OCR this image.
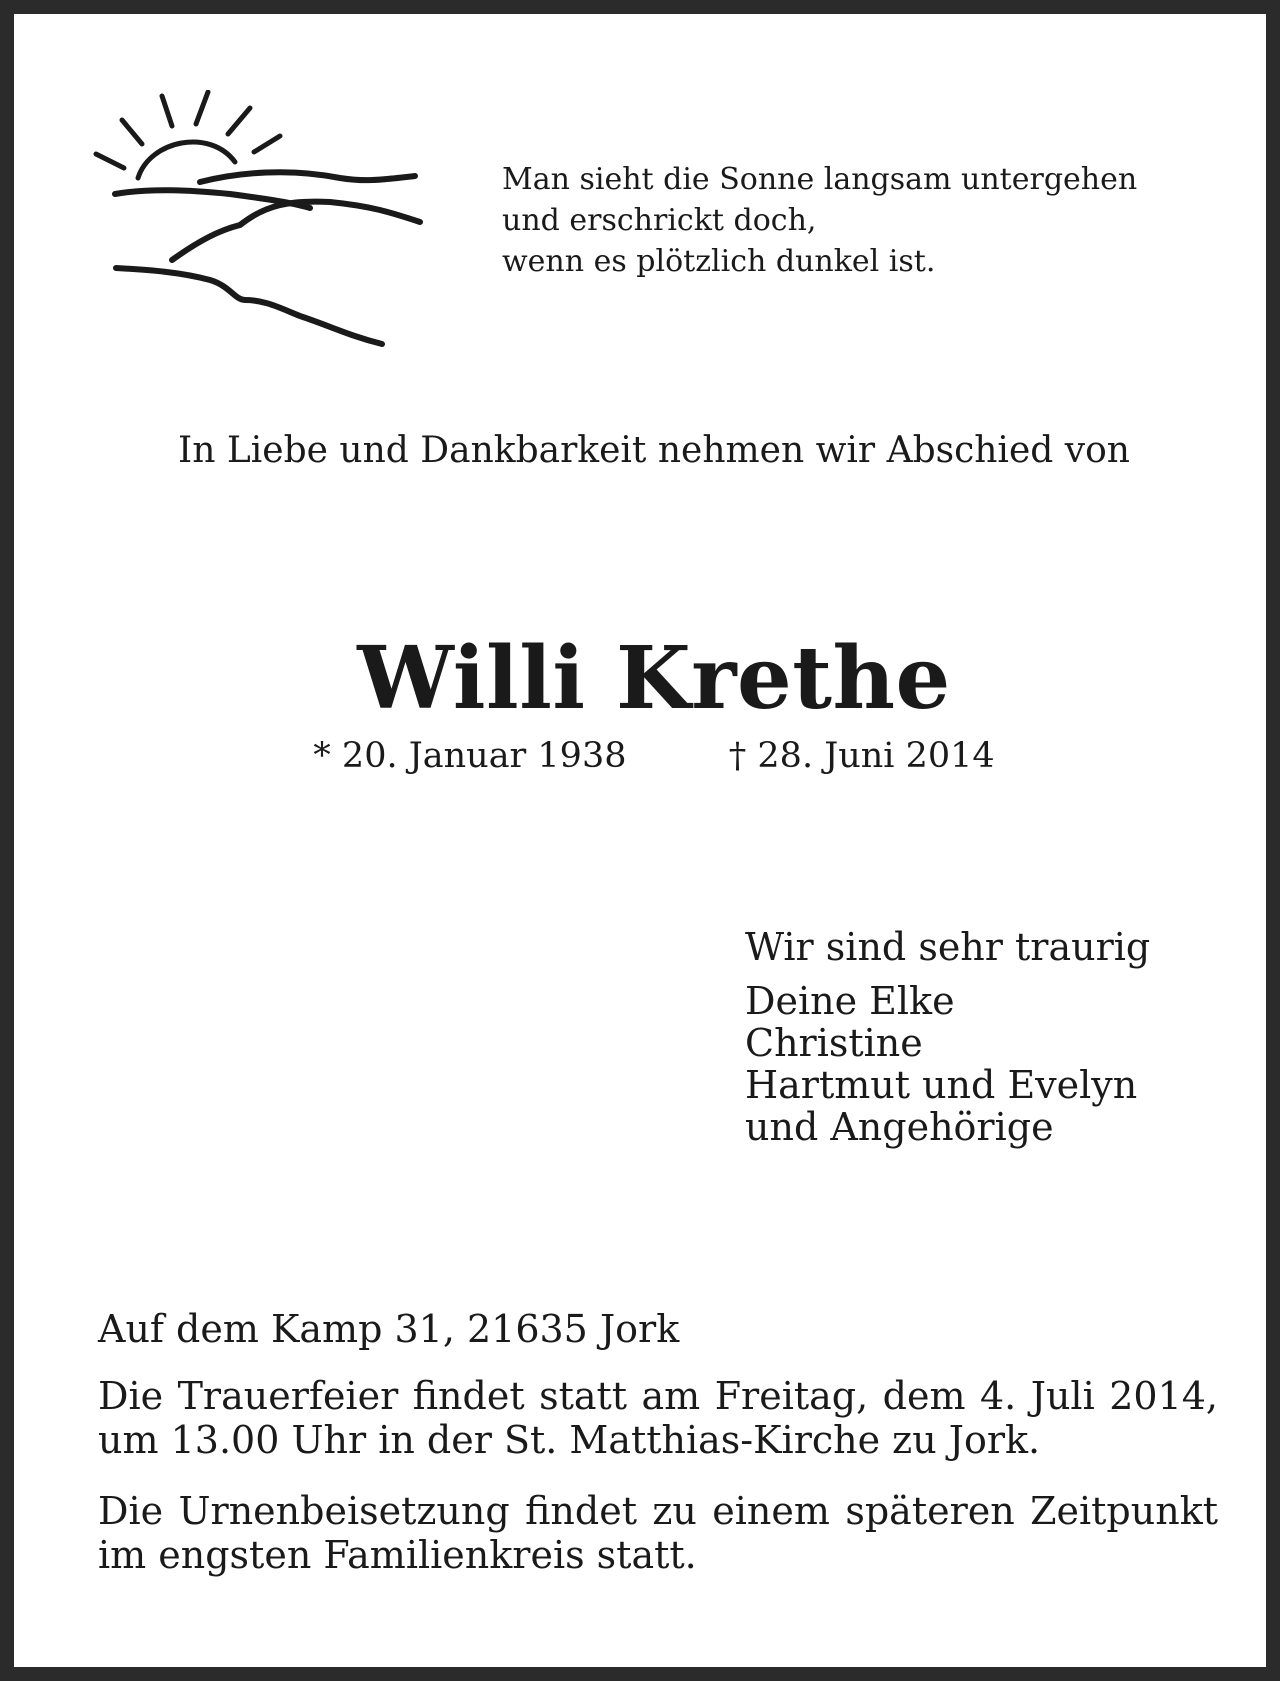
Man sieht die Sonne langsam untergehen
und erschrickt doch,
wenn es plötzlich dunkel ist.
In Liebe und Dankbarkeit nehmen wir Abschied von
Willi Krethe
* 20. Januar 1938	† 28. Juni 2014
Wir sind sehr traurig
Deine Elke
Christine
Hartmut und Evelyn
und Angehörige
Auf dem Kamp 31, 21635 Jork
Die Trauerfeier findet statt am Freitag, dem 4. Juli 2014, um 13.00 Uhr in der St. Matthias-Kirche zu Jork.
Die Urnenbeisetzung findet zu einem späteren Zeitpunkt im engsten Familienkreis statt.
